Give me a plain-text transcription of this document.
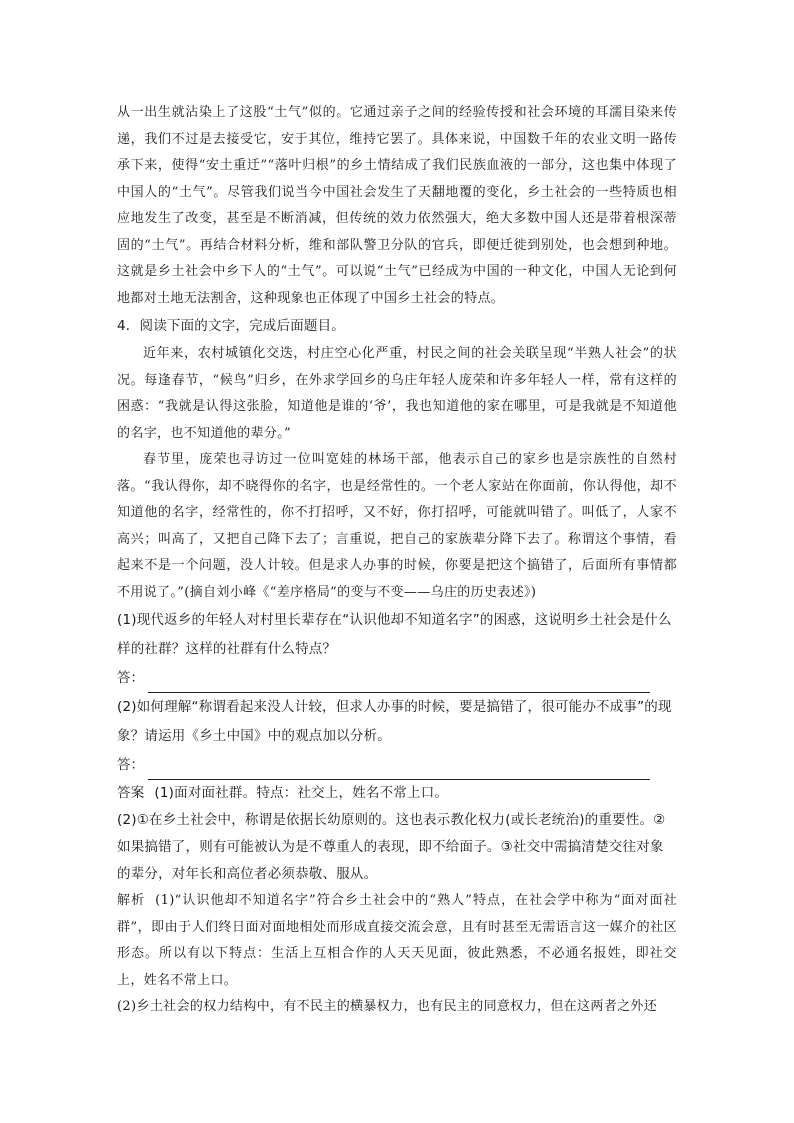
从一出生就沾染上了这股“土气”似的。它通过亲子之间的经验传授和社会环境的耳濡目染来传递，我们不过是去接受它，安于其位，维持它罢了。具体来说，中国数千年的农业文明一路传承下来，使得“安土重迁”“落叶归根”的乡土情结成了我们民族血液的一部分，这也集中体现了中国人的“土气”。尽管我们说当今中国社会发生了天翻地覆的变化，乡土社会的一些特质也相应地发生了改变，甚至是不断消减，但传统的效力依然强大，绝大多数中国人还是带着根深蒂固的“土气”。再结合材料分析，维和部队警卫分队的官兵，即便迁徙到别处，也会想到种地。这就是乡土社会中乡下人的“土气”。可以说“土气”已经成为中国的一种文化，中国人无论到何地都对土地无法割舍，这种现象也正体现了中国乡土社会的特点。

4．阅读下面的文字，完成后面题目。

近年来，农村城镇化交迭，村庄空心化严重，村民之间的社会关联呈现“半熟人社会”的状况。每逢春节，“候鸟”归乡，在外求学回乡的乌庄年轻人庞荣和许多年轻人一样，常有这样的困惑：“我就是认得这张脸，知道他是谁的‘爷’，我也知道他的家在哪里，可是我就是不知道他的名字，也不知道他的辈分。”

春节里，庞荣也寻访过一位叫宽娃的林场干部，他表示自己的家乡也是宗族性的自然村落。“我认得你，却不晓得你的名字，也是经常性的。一个老人家站在你面前，你认得他，却不知道他的名字，经常性的，你不打招呼，又不好，你打招呼，可能就叫错了。叫低了，人家不高兴；叫高了，又把自己降下去了；言重说，把自己的家族辈分降下去了。称谓这个事情，看起来不是一个问题，没人计较。但是求人办事的时候，你要是把这个搞错了，后面所有事情都不用说了。”(摘自刘小峰《“差序格局”的变与不变——乌庄的历史表述》)

(1)现代返乡的年轻人对村里长辈存在“认识他却不知道名字”的困惑，这说明乡土社会是什么样的社群？这样的社群有什么特点？

答：

(2)如何理解“称谓看起来没人计较，但求人办事的时候，要是搞错了，很可能办不成事”的现象？请运用《乡土中国》中的观点加以分析。

答：

答案 (1)面对面社群。特点：社交上，姓名不常上口。

(2)①在乡土社会中，称谓是依据长幼原则的。这也表示教化权力(或长老统治)的重要性。②如果搞错了，则有可能被认为是不尊重人的表现，即不给面子。③社交中需搞清楚交往对象的辈分，对年长和高位者必须恭敬、服从。

解析 (1)“认识他却不知道名字”符合乡土社会中的“熟人”特点，在社会学中称为“面对面社群”，即由于人们终日面对面地相处而形成直接交流会意，且有时甚至无需语言这一媒介的社区形态。所以有以下特点：生活上互相合作的人天天见面，彼此熟悉，不必通名报姓，即社交上，姓名不常上口。

(2)乡土社会的权力结构中，有不民主的横暴权力，也有民主的同意权力，但在这两者之外还
